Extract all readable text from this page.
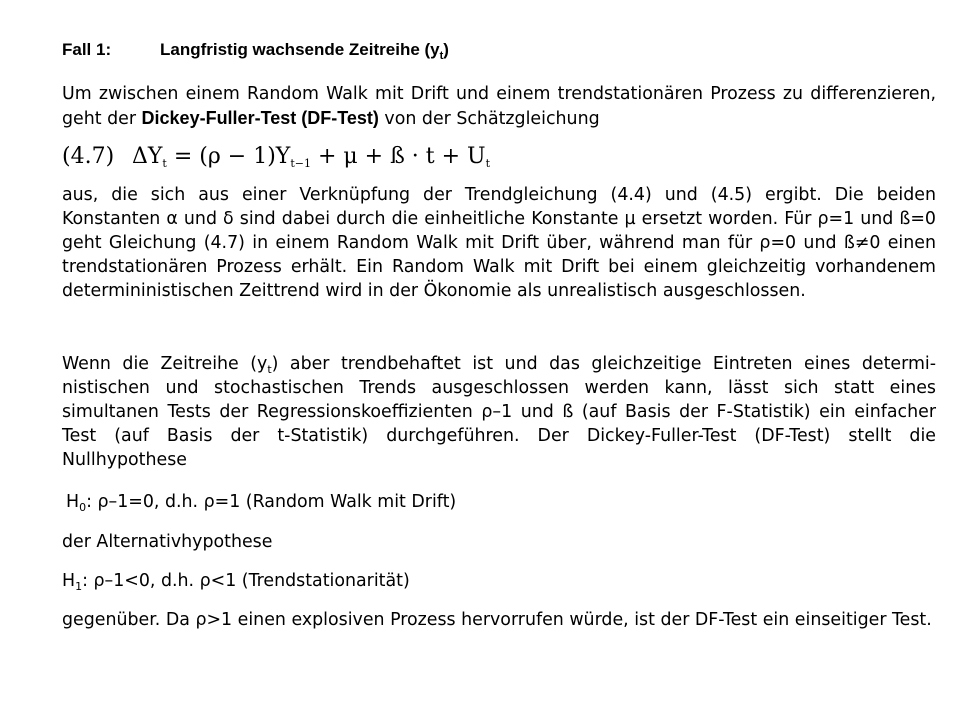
Fall 1:	Langfristig wachsende Zeitreihe $(y_t)$

Um zwischen einem Random Walk mit Drift und einem trendstationären Prozess zu differenzieren, geht der Dickey-Fuller-Test (DF-Test) von der Schätzgleichung

(4.7) $\Delta Y_t = (\rho - 1)Y_{t-1} + \mu$ + ß · $t + U_t$

aus, die sich aus einer Verknüpfung der Trendgleichung (4.4) und (4.5) ergibt. Die beiden Konstanten α und δ sind dabei durch die einheitliche Konstante µ ersetzt worden. Für ρ=1 und ß=0 geht Gleichung (4.7) in einem Random Walk mit Drift über, während man für ρ=0 und ß≠0 einen trendstationären Prozess erhält. Ein Random Walk mit Drift bei einem gleichzeitig vorhandenem determininistischen Zeittrend wird in der Ökonomie als unrealistisch ausgeschlossen.

Wenn die Zeitreihe $(y_t)$ aber trendbehaftet ist und das gleichzeitige Eintreten eines determi-nistischen und stochastischen Trends ausgeschlossen werden kann, lässt sich statt eines simultanen Tests der Regressionskoeffizienten ρ–1 und ß (auf Basis der F-Statistik) ein einfacher Test (auf Basis der t-Statistik) durchgeführen. Der Dickey-Fuller-Test (DF-Test) stellt die Nullhypothese

$H_0$: ρ–1=0, d.h. ρ=1 (Random Walk mit Drift)
der Alternativhypothese
$H_1$: ρ–1<0, d.h. ρ<1 (Trendstationarität)

gegenüber. Da ρ>1 einen explosiven Prozess hervorrufen würde, ist der DF-Test ein einseitiger Test.
